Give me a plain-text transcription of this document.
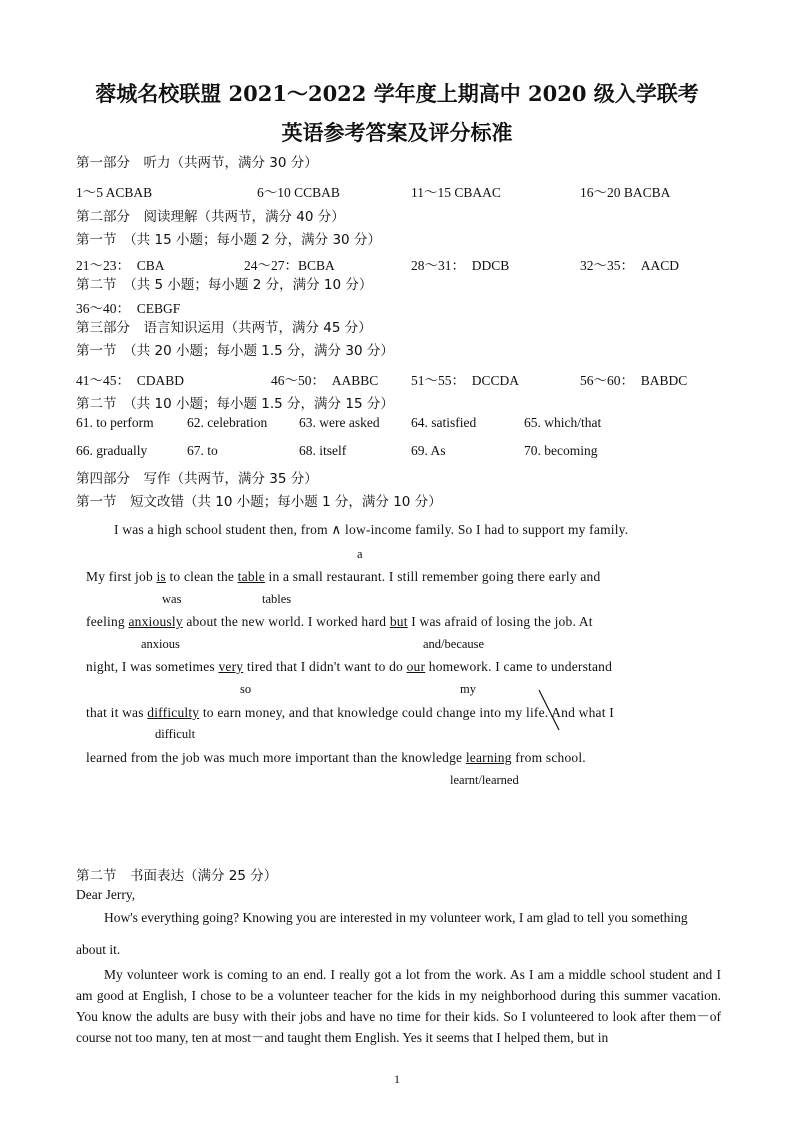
蓉城名校联盟 2021～2022 学年度上期高中 2020 级入学联考
英语参考答案及评分标准
第一部分　听力（共两节，满分 30 分）
1～5 ACBAB	6～10 CCBAB	11～15 CBAAC	16～20 BACBA
第二部分　阅读理解（共两节，满分 40 分）
第一节　（共 15 小题；每小题 2 分，满分 30 分）
21～23：　CBA	24～27：BCBA	28～31：　DDCB	32～35：　AACD
第二节　（共 5 小题；每小题 2 分，满分 10 分）
36～40：　CEBGF
第三部分　语言知识运用（共两节，满分 45 分）
第一节　（共 20 小题；每小题 1.5 分，满分 30 分）
41～45：　CDABD	46～50：　AABBC 51～55：　DCCDA	56～60：　BABDC
第二节　（共 10 小题；每小题 1.5 分，满分 15 分）
61. to perform 62. celebration 63. were asked 64. satisfied	65. which/that
66. gradually	67. to	68. itself	69. As	70. becoming
第四部分　写作（共两节，满分 35 分）
第一节　短文改错（共 10 小题；每小题 1 分，满分 10 分）
I was a high school student then, from ∧ low-income family. So I had to support my family.
a
My first job is to clean the table in a small restaurant. I still remember going there early and
was	tables
feeling anxiously about the new world. I worked hard but I was afraid of losing the job. At
anxious	and/because
night, I was sometimes very tired that I didn't want to do our homework. I came to understand
so	my
that it was difficulty to earn money, and that knowledge could change into my life. And what I
difficult
learned from the job was much more important than the knowledge learning from school.
learnt/learned
第二节　书面表达（满分 25 分）
Dear Jerry,
How's everything going? Knowing you are interested in my volunteer work, I am glad to tell you something
about it.
My volunteer work is coming to an end. I really got a lot from the work. As I am a middle school student and I am good at English, I chose to be a volunteer teacher for the kids in my neighborhood during this summer vacation. You know the adults are busy with their jobs and have no time for their kids. So I volunteered to look after them－of course not too many, ten at most－and taught them English. Yes it seems that I helped them, but in
1
